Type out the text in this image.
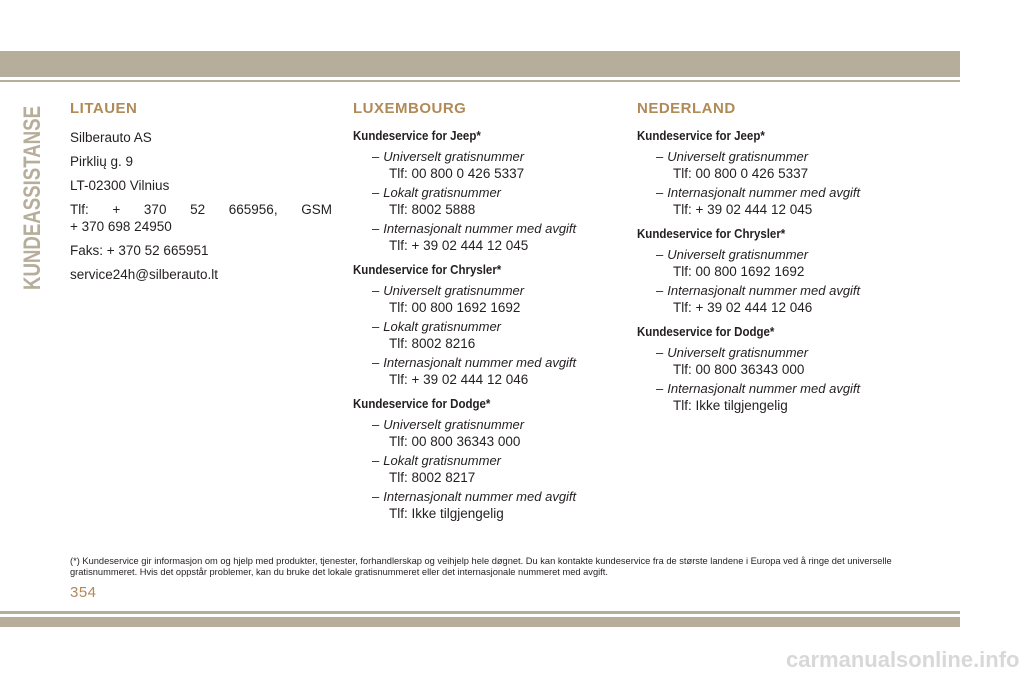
KUNDEASSISTANSE LITAUEN
Silberauto AS
Pirklių g. 9
LT-02300 Vilnius
Tlf: + 370 52 665956, GSM
+ 370 698 24950
Faks: + 370 52 665951
service24h@silberauto.lt
LUXEMBOURG
Kundeservice for Jeep*
– Universelt gratisnummer
Tlf: 00 800 0 426 5337
– Lokalt gratisnummer
Tlf: 8002 5888
– Internasjonalt nummer med avgift
Tlf: + 39 02 444 12 045
Kundeservice for Chrysler*
– Universelt gratisnummer
Tlf: 00 800 1692 1692
– Lokalt gratisnummer
Tlf: 8002 8216
– Internasjonalt nummer med avgift
Tlf: + 39 02 444 12 046
Kundeservice for Dodge*
– Universelt gratisnummer
Tlf: 00 800 36343 000
– Lokalt gratisnummer
Tlf: 8002 8217
– Internasjonalt nummer med avgift
Tlf: Ikke tilgjengelig
NEDERLAND
Kundeservice for Jeep*
– Universelt gratisnummer
Tlf: 00 800 0 426 5337
– Internasjonalt nummer med avgift
Tlf: + 39 02 444 12 045
Kundeservice for Chrysler*
– Universelt gratisnummer
Tlf: 00 800 1692 1692
– Internasjonalt nummer med avgift
Tlf: + 39 02 444 12 046
Kundeservice for Dodge*
– Universelt gratisnummer
Tlf: 00 800 36343 000
– Internasjonalt nummer med avgift
Tlf: Ikke tilgjengelig
(*) Kundeservice gir informasjon om og hjelp med produkter, tjenester, forhandlerskap og veihjelp hele døgnet. Du kan kontakte kundeservice fra de største landene i Europa ved å ringe det universelle gratisnummeret. Hvis det oppstår problemer, kan du bruke det lokale gratisnummeret eller det internasjonale nummeret med avgift.
354
carmanualsonline.info
